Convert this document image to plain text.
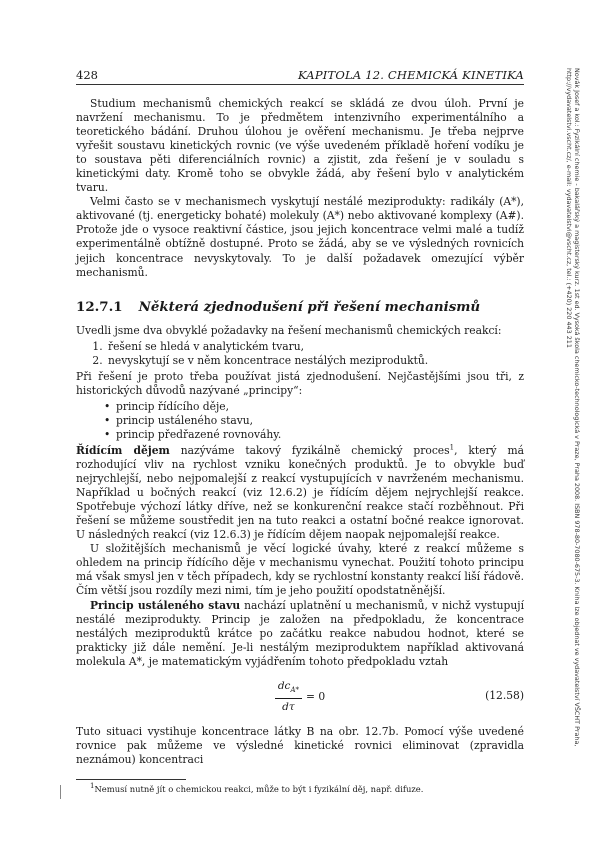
428	KAPITOLA 12. CHEMICKÁ KINETIKA	Novák Josef a kol.: Fyzikální chemie - bakalářský a magisterský kurz. 1st ed. Vysoká škola chemicko-technologická v Praze, Praha 2008. ISBN 978-80-7080-675-3. Kniha lze objednat ve vydavatelství VŠCHT Praha, http://vydavatelstvi.vscht.cz/, e-mail: vydavatelstvi@vscht.cz, tel.: (+420) 220 443 211

Studium mechanismů chemických reakcí se skládá ze dvou úloh. První je navržení mechanismu. To je předmětem intenzivního experimentálního a teoretického bádání. Druhou úlohou je ověření mechanismu. Je třeba nejprve vyřešit soustavu kinetických rovnic (ve výše uvedeném příkladě hoření vodíku je to soustava pěti diferenciálních rovnic) a zjistit, zda řešení je v souladu s kinetickými daty. Kromě toho se obvykle žádá, aby řešení bylo v analytickém tvaru.

Velmi často se v mechanismech vyskytují nestálé meziprodukty: radikály (A*), aktivované (tj. energeticky bohaté) molekuly (A*) nebo aktivované komplexy (A#). Protože jde o vysoce reaktivní částice, jsou jejich koncentrace velmi malé a tudíž experimentálně obtížně dostupné. Proto se žádá, aby se ve výsledných rovnicích jejich koncentrace nevyskytovaly. To je další požadavek omezující výběr mechanismů.

12.7.1 Některá zjednodušení při řešení mechanismů

Uvedli jsme dva obvyklé požadavky na řešení mechanismů chemických reakcí:

1. řešení se hledá v analytickém tvaru,
2. nevyskytují se v něm koncentrace nestálých meziproduktů.

Při řešení je proto třeba používat jistá zjednodušení. Nejčastějšími jsou tři, z historických důvodů nazývané „principy“:

• princip řídícího děje,
• princip ustáleného stavu,
• princip předřazené rovnováhy.

Řídícím dějem nazýváme takový fyzikálně chemický proces$^1$, který má rozhodující vliv na rychlost vzniku konečných produktů. Je to obvykle buď nejrychlejší, nebo nejpomalejší z reakcí vystupujících v navrženém mechanismu. Například u bočných reakcí (viz 12.6.2) je řídícím dějem nejrychlejší reakce. Spotřebuje výchozí látky dříve, než se konkurenční reakce stačí rozběhnout. Při řešení se můžeme soustředit jen na tuto reakci a ostatní bočné reakce ignorovat. U následných reakcí (viz 12.6.3) je řídícím dějem naopak nejpomalejší reakce.

U složitějších mechanismů je věcí logické úvahy, které z reakcí můžeme s ohledem na princip řídícího děje v mechanismu vynechat. Použití tohoto principu má však smysl jen v těch případech, kdy se rychlostní konstanty reakcí liší řádově. Čím větší jsou rozdíly mezi nimi, tím je jeho použití opodstatněnější.

Princip ustáleného stavu nachází uplatnění u mechanismů, v nichž vystupují nestálé meziprodukty. Princip je založen na předpokladu, že koncentrace nestálých meziproduktů krátce po začátku reakce nabudou hodnot, které se prakticky již dále nemění. Je-li nestálým meziproduktem například aktivovaná molekula A*, je matematickým vyjádřením tohoto předpokladu vztah

$\frac{dc_{A*}}{d\tau} = 0$	(12.58)

Tuto situaci vystihuje koncentrace látky B na obr. 12.7b. Pomocí výše uvedené rovnice pak můžeme ve výsledné kinetické rovnici eliminovat (zpravidla neznámou) koncentraci

$^1$Nemusí nutně jít o chemickou reakci, může to být i fyzikální děj, např. difuze.
